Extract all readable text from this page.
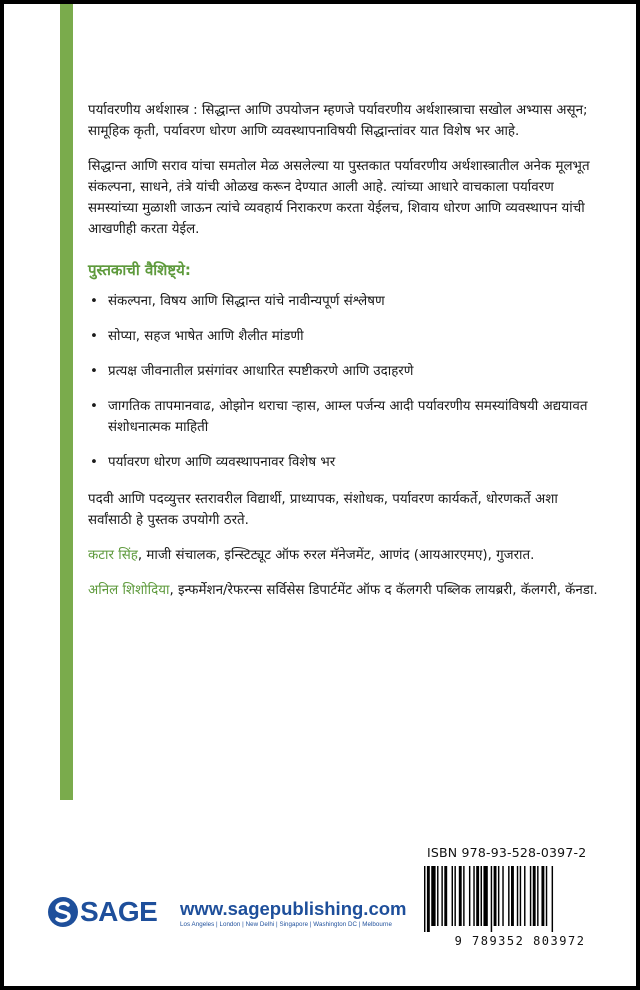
पर्यावरणीय अर्थशास्त्र : सिद्धान्त आणि उपयोजन म्हणजे पर्यावरणीय अर्थशास्त्राचा सखोल अभ्यास असून; सामूहिक कृती, पर्यावरण धोरण आणि व्यवस्थापनाविषयी सिद्धान्तांवर यात विशेष भर आहे.

सिद्धान्त आणि सराव यांचा समतोल मेळ असलेल्या या पुस्तकात पर्यावरणीय अर्थशास्त्रातील अनेक मूलभूत संकल्पना, साधने, तंत्रे यांची ओळख करून देण्यात आली आहे. त्यांच्या आधारे वाचकाला पर्यावरण समस्यांच्या मुळाशी जाऊन त्यांचे व्यवहार्य निराकरण करता येईलच, शिवाय धोरण आणि व्यवस्थापन यांची आखणीही करता येईल.

पुस्तकाची वैशिष्ट्ये:
• संकल्पना, विषय आणि सिद्धान्त यांचे नावीन्यपूर्ण संश्लेषण
• सोप्या, सहज भाषेत आणि शैलीत मांडणी
• प्रत्यक्ष जीवनातील प्रसंगांवर आधारित स्पष्टीकरणे आणि उदाहरणे
• जागतिक तापमानवाढ, ओझोन थराचा ऱ्हास, आम्ल पर्जन्य आदी पर्यावरणीय समस्यांविषयी अद्ययावत संशोधनात्मक माहिती
• पर्यावरण धोरण आणि व्यवस्थापनावर विशेष भर

पदवी आणि पदव्युत्तर स्तरावरील विद्यार्थी, प्राध्यापक, संशोधक, पर्यावरण कार्यकर्ते, धोरणकर्ते अशा सर्वांसाठी हे पुस्तक उपयोगी ठरते.

कटार सिंह, माजी संचालक, इन्स्टिट्यूट ऑफ रुरल मॅनेजमेंट, आणंद (आयआरएमए), गुजरात.

अनिल शिशोदिया, इन्फर्मेशन/रेफरन्स सर्विसेस डिपार्टमेंट ऑफ द कॅलगरी पब्लिक लायब्ररी, कॅलगरी, कॅनडा.

ISBN 978-93-528-0397-2
9 789352 803972
SAGE www.sagepublishing.com
Los Angeles | London | New Delhi | Singapore | Washington DC | Melbourne
